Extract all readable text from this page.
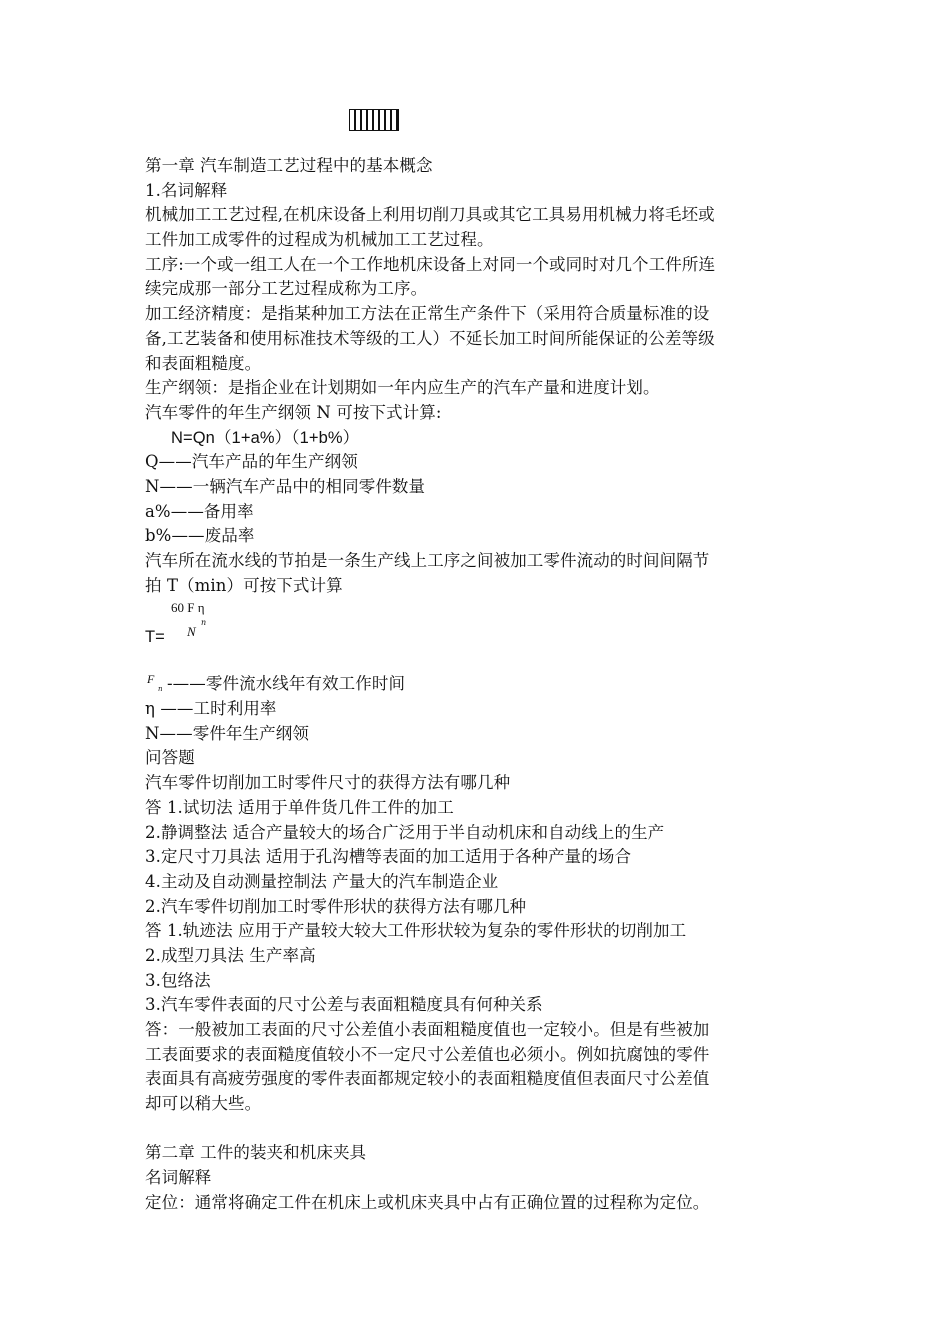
第一章 汽车制造工艺过程中的基本概念
1.名词解释
机械加工工艺过程,在机床设备上利用切削刀具或其它工具易用机械力将毛坯或
工件加工成零件的过程成为机械加工工艺过程。
工序:一个或一组工人在一个工作地机床设备上对同一个或同时对几个工件所连
续完成那一部分工艺过程成称为工序。
加工经济精度：是指某种加工方法在正常生产条件下（采用符合质量标准的设
备,工艺装备和使用标准技术等级的工人）不延长加工时间所能保证的公差等级
和表面粗糙度。
生产纲领：是指企业在计划期如一年内应生产的汽车产量和进度计划。
汽车零件的年生产纲领 N 可按下式计算:
N=Qn（1+a%）（1+b%）
Q——汽车产品的年生产纲领
N——一辆汽车产品中的相同零件数量
a%——备用率
b%——废品率
汽车所在流水线的节拍是一条生产线上工序之间被加工零件流动的时间间隔节
拍 T（min）可按下式计算
60 F η
n
N
T=
F
n -——零件流水线年有效工作时间
η ——工时利用率
N——零件年生产纲领
问答题
汽车零件切削加工时零件尺寸的获得方法有哪几种
答 1.试切法 适用于单件货几件工件的加工
2.静调整法 适合产量较大的场合广泛用于半自动机床和自动线上的生产
3.定尺寸刀具法 适用于孔沟槽等表面的加工适用于各种产量的场合
4.主动及自动测量控制法 产量大的汽车制造企业
2.汽车零件切削加工时零件形状的获得方法有哪几种
答 1.轨迹法 应用于产量较大较大工件形状较为复杂的零件形状的切削加工
2.成型刀具法 生产率高
3.包络法
3.汽车零件表面的尺寸公差与表面粗糙度具有何种关系
答：一般被加工表面的尺寸公差值小表面粗糙度值也一定较小。但是有些被加
工表面要求的表面糙度值较小不一定尺寸公差值也必须小。例如抗腐蚀的零件
表面具有高疲劳强度的零件表面都规定较小的表面粗糙度值但表面尺寸公差值
却可以稍大些。
第二章 工件的装夹和机床夹具
名词解释
定位：通常将确定工件在机床上或机床夹具中占有正确位置的过程称为定位。
